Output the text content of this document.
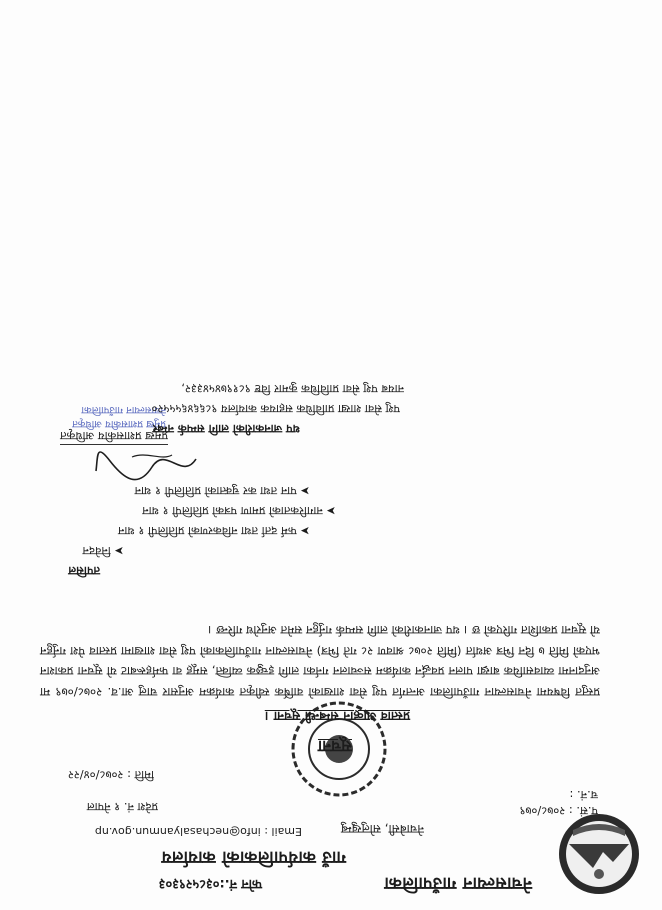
फोन नं.:०३८५२९३०३	नेचासल्यान गाउँपालिका
गाउँ कार्यपालिकाको कार्यालय
Email : info@nechasalyanmun.gov.np	नेचाबेसी, सोलुखुम्बु
प्रदेश नं. १ नेपाल	प.सं. : २०७८/०७९
च.नं. :
मिति : २०७८/०४/२२
सूचना
प्रस्ताव आव्हान सम्बन्धी सूचना ।
प्रस्तुत विषयमा नेचासल्यान गाउँपालिका अन्तर्गत पशु सेवा शाखाको वार्षिक स्वीकृत कार्यक्रम अनुसार चालु आ.व. २०७८/०७९ मा अनुदानमा व्यावसायिक बाख्रा पालन प्रवर्द्धन कार्यक्रम सञ्चालन गर्नका लागि इच्छुक व्यक्ति, समूह वा फर्महरूबाट यो सूचना प्रकाशन भएको मिति ७ दिन भित्र अर्थात (मिति २०७८ श्रावण २८ गते भित्र) नेचासल्यान गाउँपालिकाको पशु सेवा शाखामा प्रस्ताव पेश गर्नुहुन यो सूचना प्रकाशित गरिएको छ । थप जानकारीको लागि सम्पर्क गर्नुहुन समेत अनुरोध गरिन्छ ।
तपसिल
➤ निवेदन
➤ फर्म दर्ता तथा नविकरणको प्रतिलिपी १ थान
➤ नागरिकताको प्रमाण पत्रको प्रतिलिपी १ थान
➤ पान तथा कर चुक्ताको प्रतिलिपी १ थान
प्रमुख प्रशासकीय अधिकृत
प्रमुख प्रशासकीय अधिकृत
नेचासल्यान गाउँपालिका
थप जानकारीको लागि सम्पर्क नम्बर
पशु सेवा शाखा प्राविधिक सहायक कार्यालय ९८६६४६५५५२०
नायब पशु सेवा प्राविधिक कुमार विष्ट ९८१९७४५४३३२,
